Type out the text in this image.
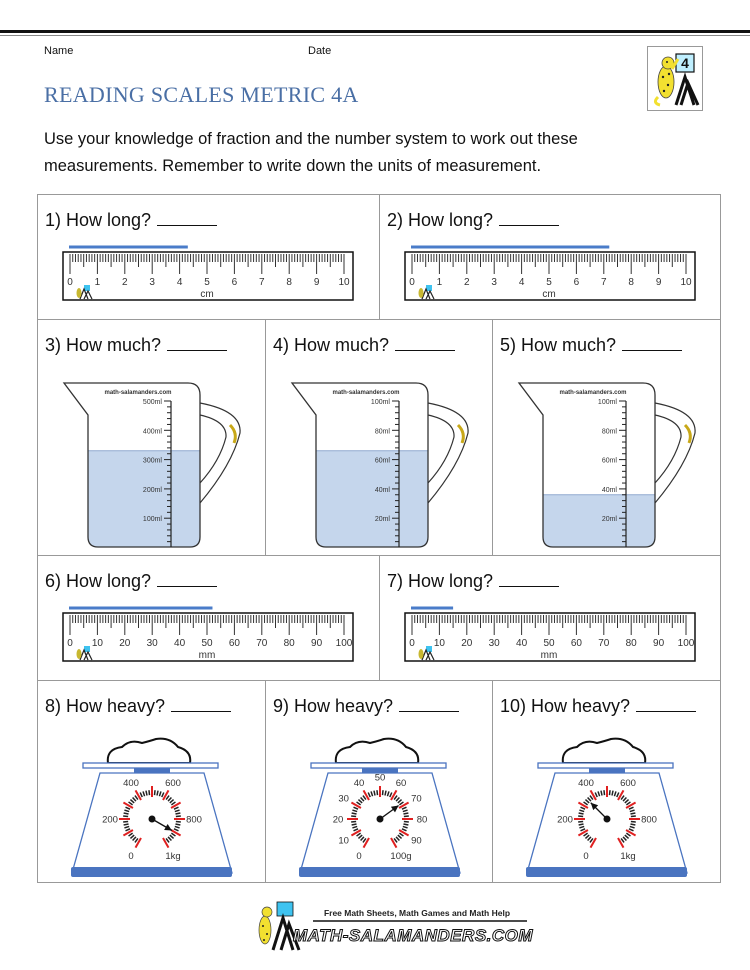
Name	Date
READING SCALES METRIC 4A
4
Use your knowledge of fraction and the number system to work out these measurements. Remember to write down the units of measurement.
1) How long?
0 1 2 3 4 5 6 7 8 9 10
cm
2) How long?
0 1 2 3 4 5 6 7 8 9 10
cm
3) How much?
math-salamanders.com
500ml
400ml
300ml
200ml
100ml
4) How much?
math-salamanders.com
100ml
80ml
60ml
40ml
20ml
5) How much?
math-salamanders.com
100ml
80ml
60ml
40ml
20ml
6) How long?
0 10 20 30 40 50 60 70 80 90 100
mm
7) How long?
0 10 20 30 40 50 60 70 80 90 100
mm
8) How heavy?
0
200
400	600
800
1kg
9) How heavy?
0
10
20
30
40
50
60
70
80
90
100g
10) How heavy?
0
200
400	600
800
1kg
Free Math Sheets, Math Games and Math Help
MATH-SALAMANDERS.COM
